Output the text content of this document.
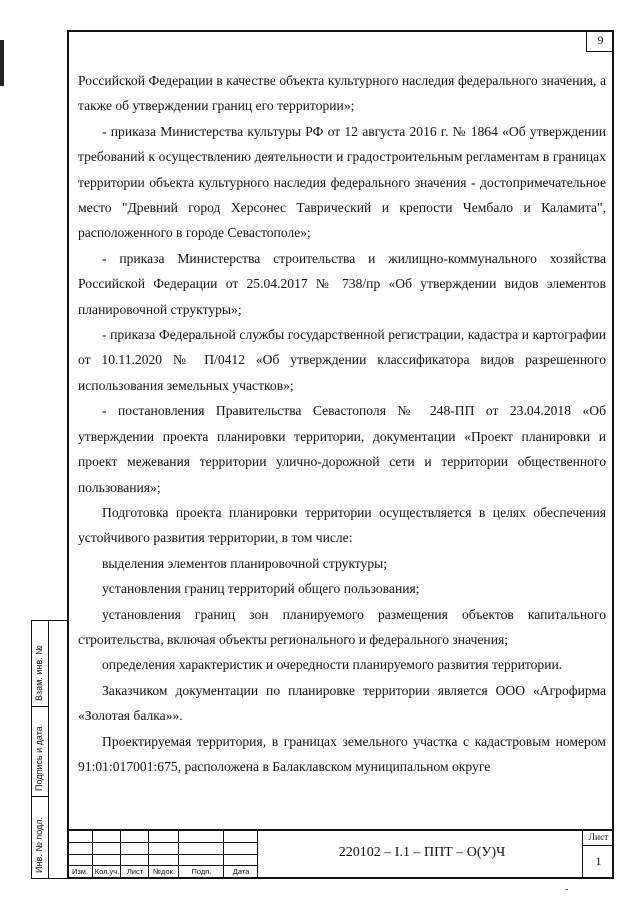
9

Российской Федерации в качестве объекта культурного наследия федерального значения, а также об утверждении границ его территории»;

- приказа Министерства культуры РФ от 12 августа 2016 г. № 1864 «Об утверждении требований к осуществлению деятельности и градостроительным регламентам в границах территории объекта культурного наследия федерального значения - достопримечательное место "Древний город Херсонес Таврический и крепости Чембало и Каламита", расположенного в городе Севастополе»;

- приказа Министерства строительства и жилищно-коммунального хозяйства Российской Федерации от 25.04.2017 № 738/пр «Об утверждении видов элементов планировочной структуры»;

- приказа Федеральной службы государственной регистрации, кадастра и картографии от 10.11.2020 № П/0412 «Об утверждении классификатора видов разрешенного использования земельных участков»;

- постановления Правительства Севастополя № 248-ПП от 23.04.2018 «Об утверждении проекта планировки территории, документации «Проект планировки и проект межевания территории улично-дорожной сети и территории общественного пользования»;

Подготовка проекта планировки территории осуществляется в целях обеспечения устойчивого развития территории, в том числе:

выделения элементов планировочной структуры;

установления границ территорий общего пользования;

установления границ зон планируемого размещения объектов капитального строительства, включая объекты регионального и федерального значения;

определения характеристик и очередности планируемого развития территории.

Заказчиком документации по планировке территории является ООО «Агрофирма «Золотая балка»».

Проектируемая территория, в границах земельного участка с кадастровым номером 91:01:017001:675, расположена в Балаклавском муниципальном округе

Взам. инв. №
Подпись и дата
Инв. № подл.	Изм. Кол.уч.	Лист	№док.	Подп.	Дата
220102 – I.1 – ППТ – О(У)Ч
Лист
1
